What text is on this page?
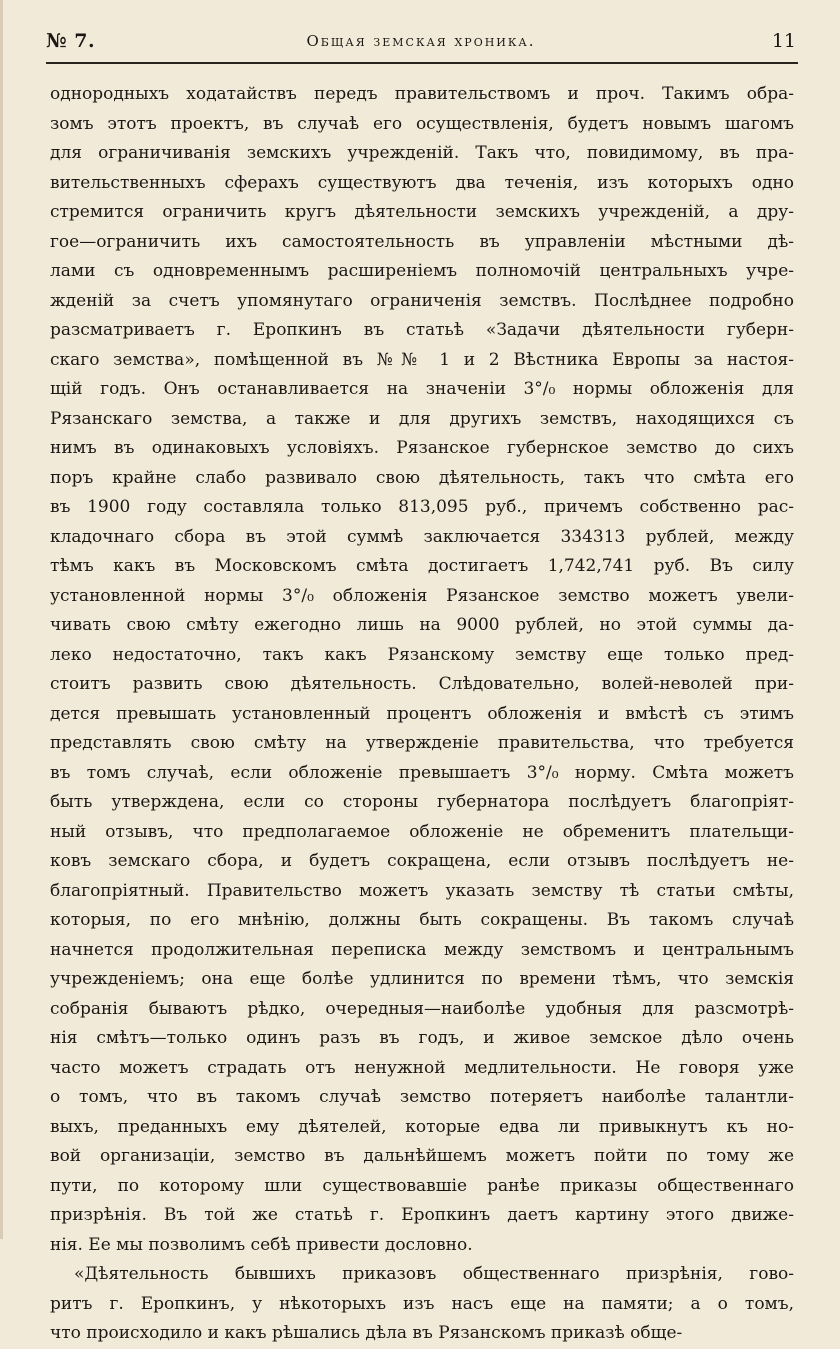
№ 7.	Общая земская хроника.	11
однородныхъ ходатайствъ передъ правительствомъ и проч. Такимъ обра-
зомъ этотъ проектъ, въ случаѣ его осуществленія, будетъ новымъ шагомъ
для ограничиванія земскихъ учрежденій. Такъ что, повидимому, въ пра-
вительственныхъ сферахъ существуютъ два теченія, изъ которыхъ одно
стремится ограничить кругъ дѣятельности земскихъ учрежденій, а дру-
гое—ограничить ихъ самостоятельность въ управленіи мѣстными дѣ-
лами съ одновременнымъ расширеніемъ полномочій центральныхъ учре-
жденій за счетъ упомянутаго ограниченія земствъ. Послѣднее подробно
разсматриваетъ г. Еропкинъ въ статьѣ «Задачи дѣятельности губерн-
скаго земства», помѣщенной въ №№ 1 и 2 Вѣстника Европы за настоя-
щій годъ. Онъ останавливается на значеніи 3°/₀ нормы обложенія для
Рязанскаго земства, а также и для другихъ земствъ, находящихся съ
нимъ въ одинаковыхъ условіяхъ. Рязанское губернское земство до сихъ
поръ крайне слабо развивало свою дѣятельность, такъ что смѣта его
въ 1900 году составляла только 813,095 руб., причемъ собственно рас-
кладочнаго сбора въ этой суммѣ заключается 334313 рублей, между
тѣмъ какъ въ Московскомъ смѣта достигаетъ 1,742,741 руб. Въ силу
установленной нормы 3°/₀ обложенія Рязанское земство можетъ увели-
чивать свою смѣту ежегодно лишь на 9000 рублей, но этой суммы да-
леко недостаточно, такъ какъ Рязанскому земству еще только пред-
стоитъ развить свою дѣятельность. Слѣдовательно, волей-неволей при-
дется превышать установленный процентъ обложенія и вмѣстѣ съ этимъ
представлять свою смѣту на утвержденіе правительства, что требуется
въ томъ случаѣ, если обложеніе превышаетъ 3°/₀ норму. Смѣта можетъ
быть утверждена, если со стороны губернатора послѣдуетъ благопріят-
ный отзывъ, что предполагаемое обложеніе не обременитъ плательщи-
ковъ земскаго сбора, и будетъ сокращена, если отзывъ послѣдуетъ не-
благопріятный. Правительство можетъ указать земству тѣ статьи смѣты,
которыя, по его мнѣнію, должны быть сокращены. Въ такомъ случаѣ
начнется продолжительная переписка между земствомъ и центральнымъ
учрежденіемъ; она еще болѣе удлинится по времени тѣмъ, что земскія
собранія бываютъ рѣдко, очередныя—наиболѣе удобныя для разсмотрѣ-
нія смѣтъ—только одинъ разъ въ годъ, и живое земское дѣло очень
часто можетъ страдать отъ ненужной медлительности. Не говоря уже
о томъ, что въ такомъ случаѣ земство потеряетъ наиболѣе талантли-
выхъ, преданныхъ ему дѣятелей, которые едва ли привыкнутъ къ но-
вой организаціи, земство въ дальнѣйшемъ можетъ пойти по тому же
пути, по которому шли существовавшіе ранѣе приказы общественнаго
призрѣнія. Въ той же статьѣ г. Еропкинъ даетъ картину этого движе-
нія. Ее мы позволимъ себѣ привести дословно.
«Дѣятельность бывшихъ приказовъ общественнаго призрѣнія, гово-
ритъ г. Еропкинъ, у нѣкоторыхъ изъ насъ еще на памяти; а о томъ,
что происходило и какъ рѣшались дѣла въ Рязанскомъ приказѣ обще-
